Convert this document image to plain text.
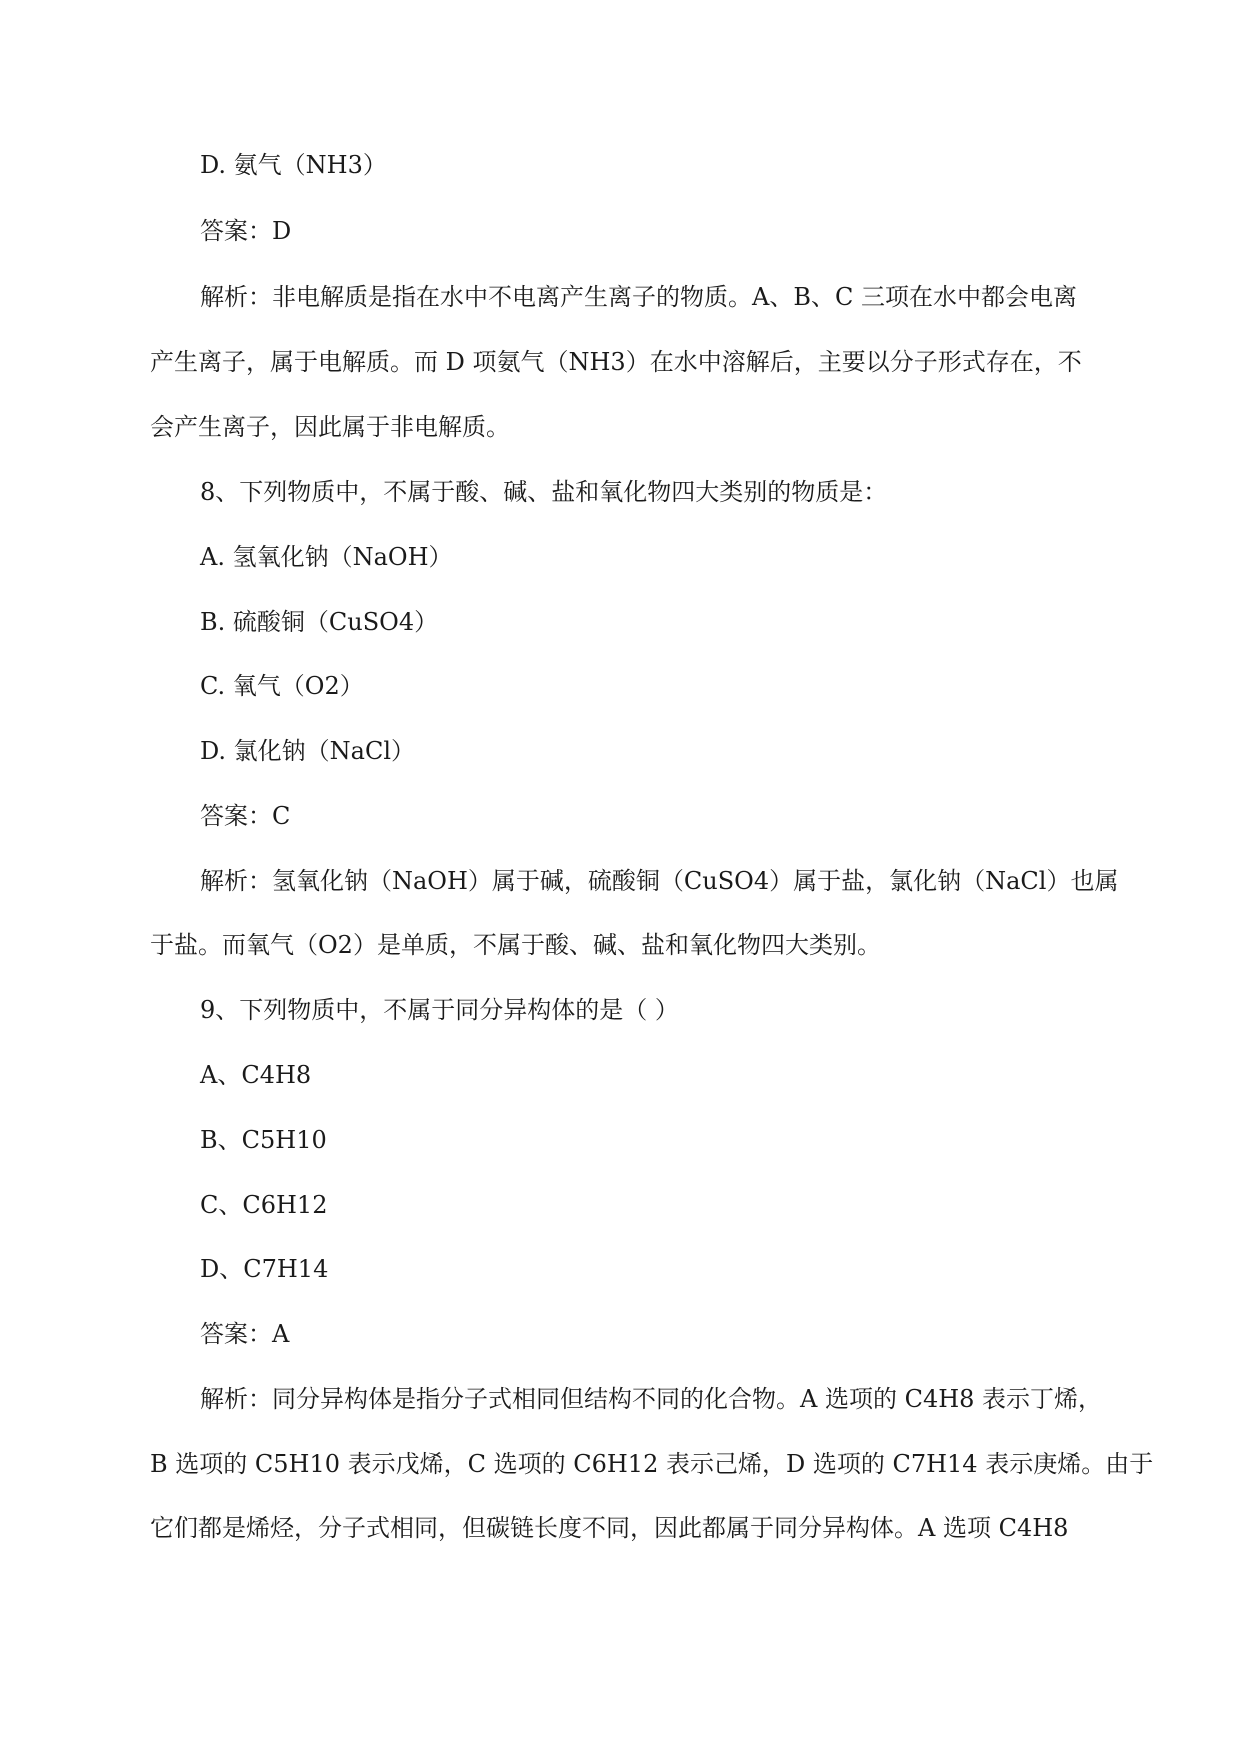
D. 氨气（NH3）
答案：D
解析：非电解质是指在水中不电离产生离子的物质。A、B、C 三项在水中都会电离
产生离子，属于电解质。而 D 项氨气（NH3）在水中溶解后，主要以分子形式存在，不
会产生离子，因此属于非电解质。
8、下列物质中，不属于酸、碱、盐和氧化物四大类别的物质是：
A. 氢氧化钠（NaOH）
B. 硫酸铜（CuSO4）
C. 氧气（O2）
D. 氯化钠（NaCl）
答案：C
解析：氢氧化钠（NaOH）属于碱，硫酸铜（CuSO4）属于盐，氯化钠（NaCl）也属
于盐。而氧气（O2）是单质，不属于酸、碱、盐和氧化物四大类别。
9、下列物质中，不属于同分异构体的是（ ）
A、C4H8
B、C5H10
C、C6H12
D、C7H14
答案：A
解析：同分异构体是指分子式相同但结构不同的化合物。A 选项的 C4H8 表示丁烯，
B 选项的 C5H10 表示戊烯，C 选项的 C6H12 表示己烯，D 选项的 C7H14 表示庚烯。由于
它们都是烯烃，分子式相同，但碳链长度不同，因此都属于同分异构体。A 选项 C4H8
